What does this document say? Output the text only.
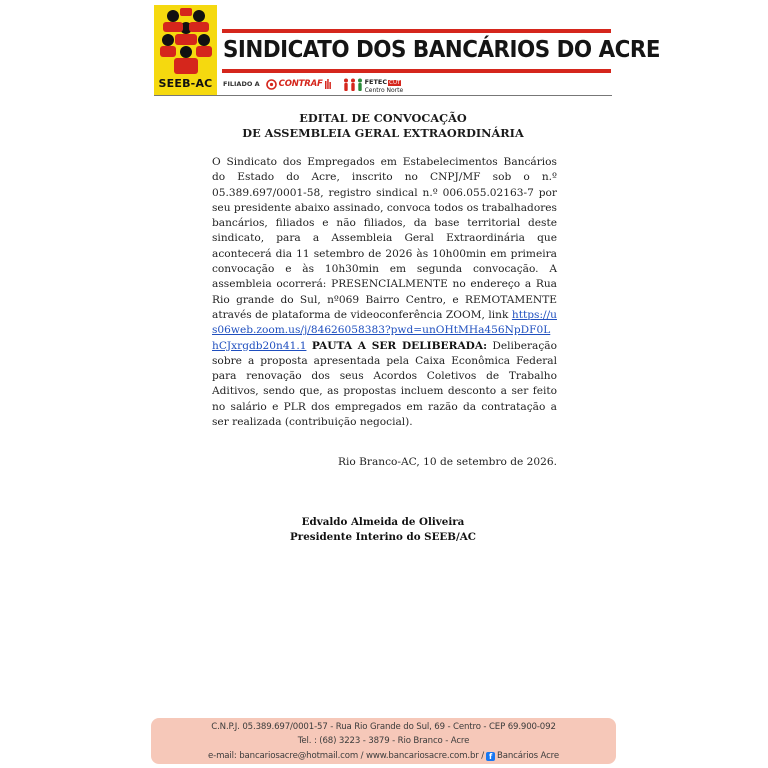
SEEB-AC
SINDICATO DOS BANCÁRIOS DO ACRE
FILIADO A CONTRAF	FETEC CUT
Centro Norte
EDITAL DE CONVOCAÇÃO
DE ASSEMBLEIA GERAL EXTRAORDINÁRIA
O Sindicato dos Empregados em Estabelecimentos Bancários do Estado do Acre, inscrito no CNPJ/MF sob o n.º 05.389.697/0001-58, registro sindical n.º 006.055.02163-7 por seu presidente abaixo assinado, convoca todos os trabalhadores bancários, filiados e não filiados, da base territorial deste sindicato, para a Assembleia Geral Extraordinária que acontecerá dia 11 setembro de 2026 às 10h00min em primeira convocação e às 10h30min em segunda convocação. A assembleia ocorrerá: PRESENCIALMENTE no endereço a Rua Rio grande do Sul, nº069 Bairro Centro, e REMOTAMENTE através de plataforma de videoconferência ZOOM, link https://us06web.zoom.us/j/84626058383?pwd=unOHtMHa456NpDF0LhCJxrgdb20n41.1 PAUTA A SER DELIBERADA: Deliberação sobre a proposta apresentada pela Caixa Econômica Federal para renovação dos seus Acordos Coletivos de Trabalho Aditivos, sendo que, as propostas incluem desconto a ser feito no salário e PLR dos empregados em razão da contratação a ser realizada (contribuição negocial).
Rio Branco-AC, 10 de setembro de 2026.
Edvaldo Almeida de Oliveira
Presidente Interino do SEEB/AC
C.N.P.J. 05.389.697/0001-57 - Rua Rio Grande do Sul, 69 - Centro - CEP 69.900-092
Tel. : (68) 3223 - 3879 - Rio Branco - Acre
e-mail: bancariosacre@hotmail.com / www.bancariosacre.com.br / f Bancários Acre
